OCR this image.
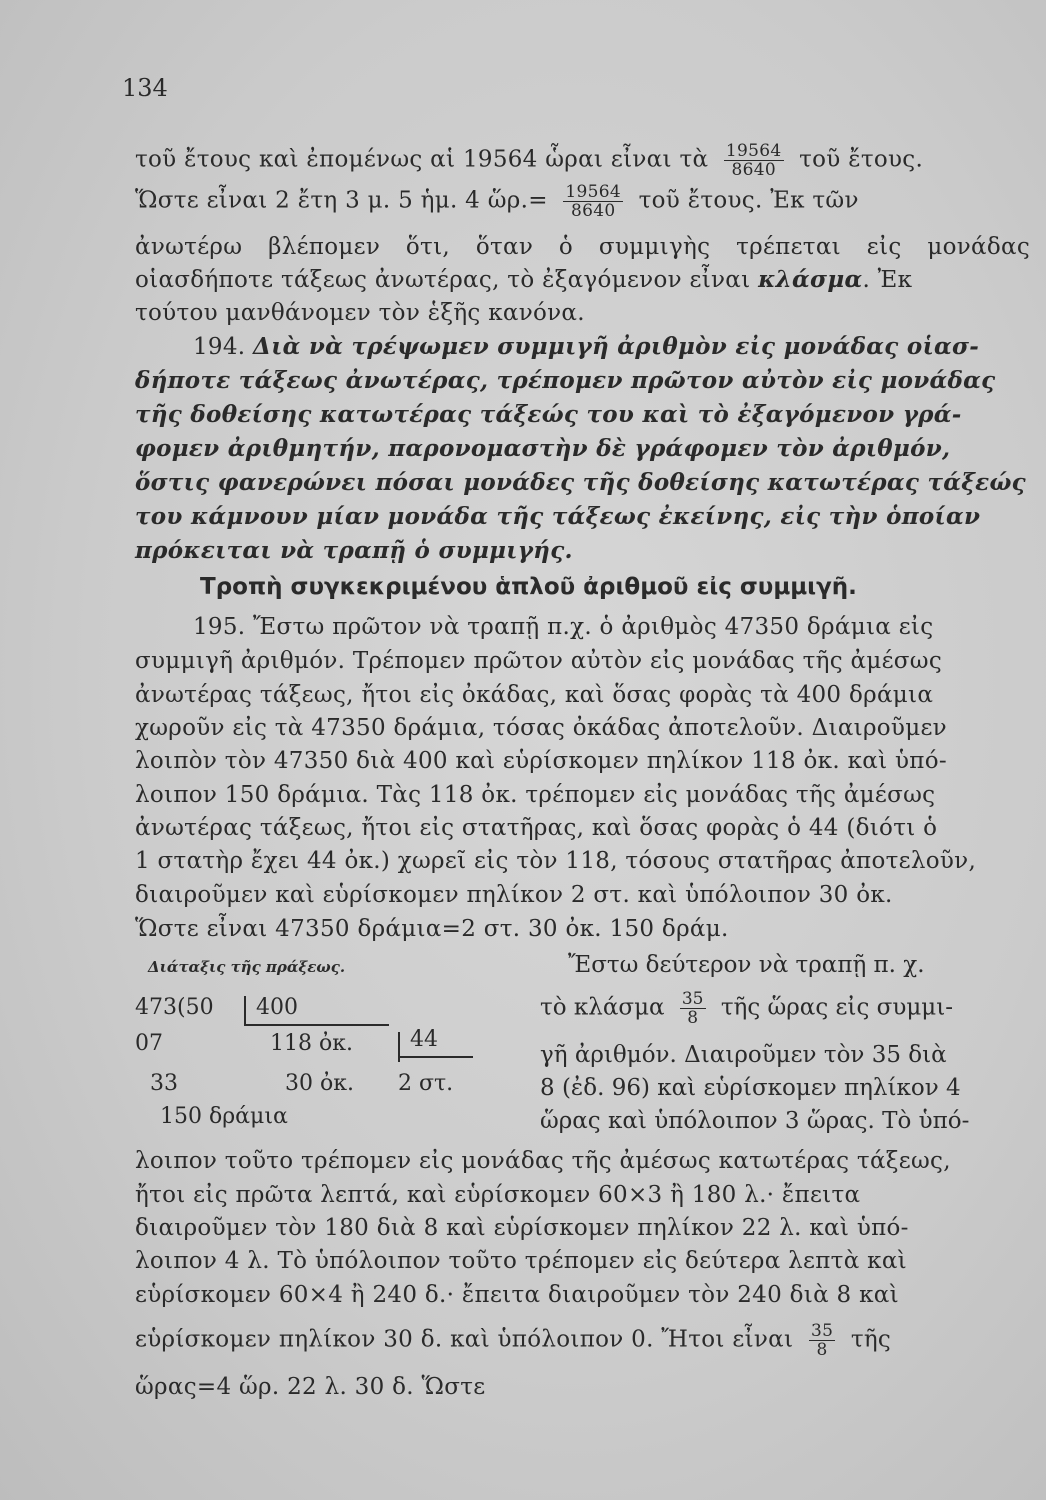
134
τοῦ ἔτους καὶ ἐπομένως αἱ 19564 ὧραι εἶναι τὰ $\frac{19564}{8640}$ τοῦ ἔτους.
Ὥστε εἶναι 2 ἔτη 3 μ. 5 ἡμ. 4 ὥρ.= $\frac{19564}{8640}$ τοῦ ἔτους. Ἐκ τῶν
ἀνωτέρω βλέπομεν ὅτι, ὅταν ὁ συμμιγὴς τρέπεται εἰς μονάδας
οἱασδήποτε τάξεως ἀνωτέρας, τὸ ἐξαγόμενον εἶναι κλάσμα. Ἐκ
τούτου μανθάνομεν τὸν ἑξῆς κανόνα.
194. Διὰ νὰ τρέψωμεν συμμιγῆ ἀριθμὸν εἰς μονάδας οἱασ-
δήποτε τάξεως ἀνωτέρας, τρέπομεν πρῶτον αὐτὸν εἰς μονάδας
τῆς δοθείσης κατωτέρας τάξεώς του καὶ τὸ ἐξαγόμενον γρά-
φομεν ἀριθμητήν, παρονομαστὴν δὲ γράφομεν τὸν ἀριθμόν,
ὅστις φανερώνει πόσαι μονάδες τῆς δοθείσης κατωτέρας τάξεώς
του κάμνουν μίαν μονάδα τῆς τάξεως ἐκείνης, εἰς τὴν ὁποίαν
πρόκειται νὰ τραπῇ ὁ συμμιγής.
Τροπὴ συγκεκριμένου ἁπλοῦ ἀριθμοῦ εἰς συμμιγῆ.
195. Ἔστω πρῶτον νὰ τραπῇ π.χ. ὁ ἀριθμὸς 47350 δράμια εἰς
συμμιγῆ ἀριθμόν. Τρέπομεν πρῶτον αὐτὸν εἰς μονάδας τῆς ἀμέσως
ἀνωτέρας τάξεως, ἤτοι εἰς ὀκάδας, καὶ ὅσας φορὰς τὰ 400 δράμια
χωροῦν εἰς τὰ 47350 δράμια, τόσας ὀκάδας ἀποτελοῦν. Διαιροῦμεν
λοιπὸν τὸν 47350 διὰ 400 καὶ εὑρίσκομεν πηλίκον 118 ὀκ. καὶ ὑπό-
λοιπον 150 δράμια. Τὰς 118 ὀκ. τρέπομεν εἰς μονάδας τῆς ἀμέσως
ἀνωτέρας τάξεως, ἤτοι εἰς στατῆρας, καὶ ὅσας φορὰς ὁ 44 (διότι ὁ
1 στατὴρ ἔχει 44 ὀκ.) χωρεῖ εἰς τὸν 118, τόσους στατῆρας ἀποτελοῦν,
διαιροῦμεν καὶ εὑρίσκομεν πηλίκον 2 στ. καὶ ὑπόλοιπον 30 ὀκ.
Ὥστε εἶναι 47350 δράμια=2 στ. 30 ὀκ. 150 δράμ.
Διάταξις τῆς πράξεως.
473(50 400
07	118 ὀκ.	44
33	30 ὀκ. 2 στ.
150 δράμια
Ἔστω δεύτερον νὰ τραπῇ π. χ.
τὸ κλάσμα $\frac{35}{8}$ τῆς ὥρας εἰς συμμι-
γῆ ἀριθμόν. Διαιροῦμεν τὸν 35 διὰ
8 (ἐδ. 96) καὶ εὑρίσκομεν πηλίκον 4
ὥρας καὶ ὑπόλοιπον 3 ὥρας. Τὸ ὑπό-
λοιπον τοῦτο τρέπομεν εἰς μονάδας τῆς ἀμέσως κατωτέρας τάξεως,
ἤτοι εἰς πρῶτα λεπτά, καὶ εὑρίσκομεν 60×3 ἢ 180 λ.· ἔπειτα
διαιροῦμεν τὸν 180 διὰ 8 καὶ εὑρίσκομεν πηλίκον 22 λ. καὶ ὑπό-
λοιπον 4 λ. Τὸ ὑπόλοιπον τοῦτο τρέπομεν εἰς δεύτερα λεπτὰ καὶ
εὑρίσκομεν 60×4 ἢ 240 δ.· ἔπειτα διαιροῦμεν τὸν 240 διὰ 8 καὶ
εὑρίσκομεν πηλίκον 30 δ. καὶ ὑπόλοιπον 0. Ἤτοι εἶναι $\frac{35}{8}$ τῆς
ὥρας=4 ὥρ. 22 λ. 30 δ. Ὥστε
